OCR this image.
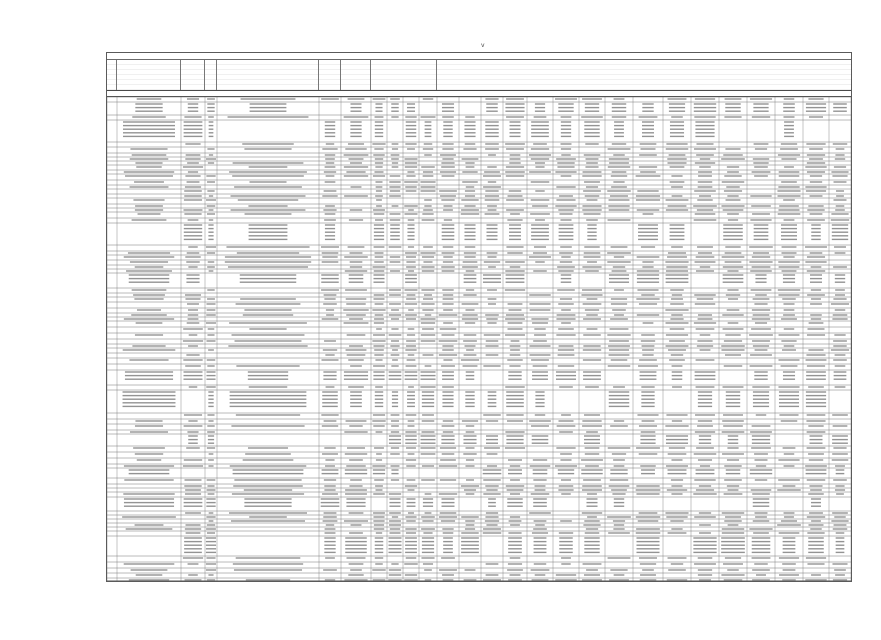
v
